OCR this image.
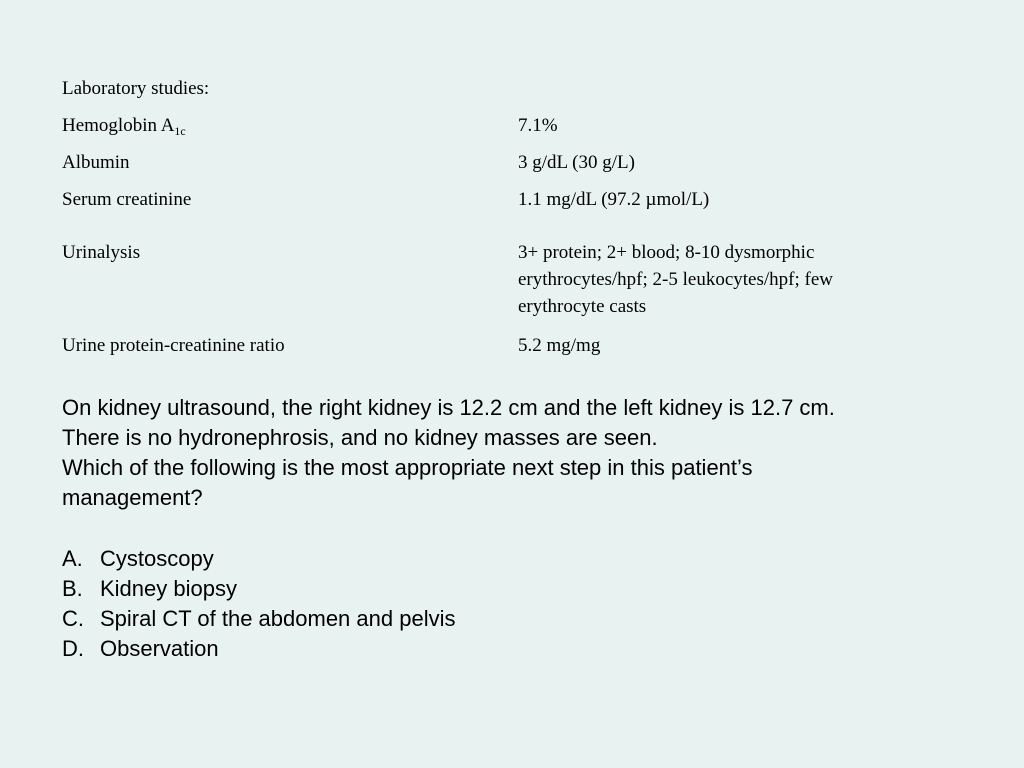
Laboratory studies:
Hemoglobin $A_{1c}$	7.1%
Albumin	3 g/dL (30 g/L)
Serum creatinine	1.1 mg/dL (97.2 µmol/L)
Urinalysis	3+ protein; 2+ blood; 8-10 dysmorphic
erythrocytes/hpf; 2-5 leukocytes/hpf; few
erythrocyte casts
Urine protein-creatinine ratio	5.2 mg/mg
On kidney ultrasound, the right kidney is 12.2 cm and the left kidney is 12.7 cm.
There is no hydronephrosis, and no kidney masses are seen.
Which of the following is the most appropriate next step in this patient’s
management?
A. Cystoscopy
B. Kidney biopsy
C. Spiral CT of the abdomen and pelvis
D. Observation
